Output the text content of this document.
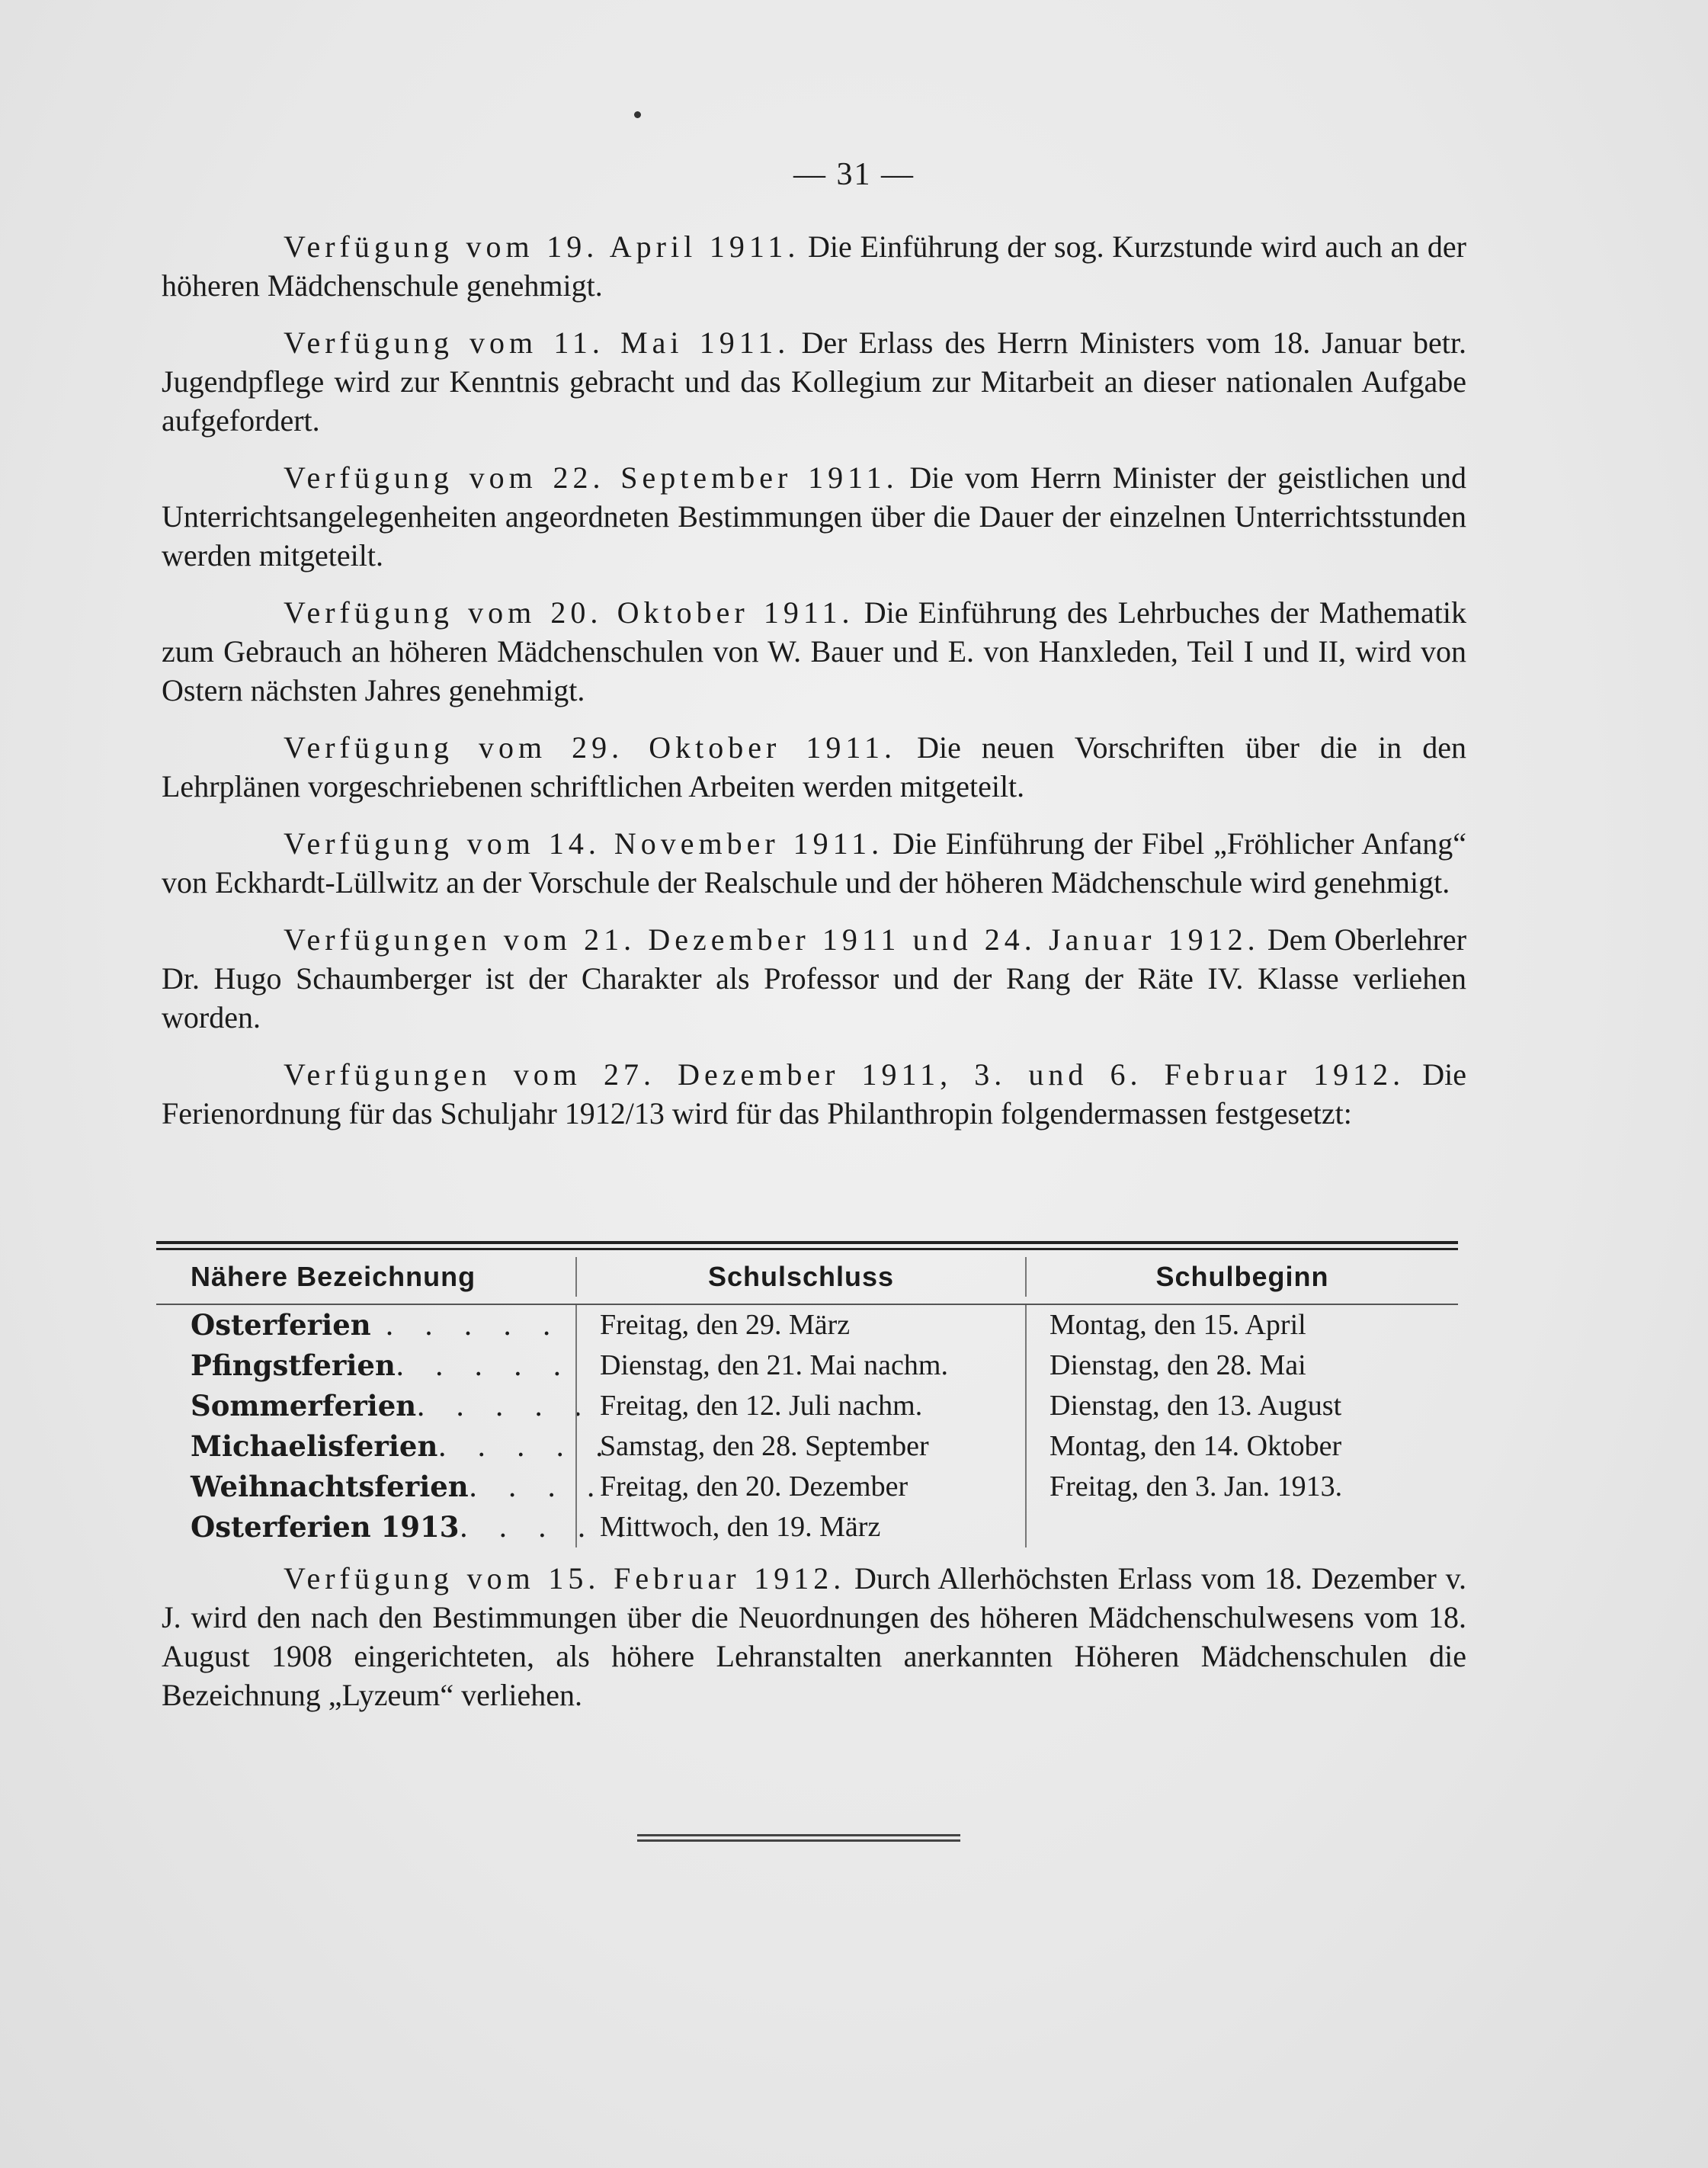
— 31 —

Verfügung vom 19. April 1911. Die Einführung der sog. Kurzstunde wird auch an der höheren Mädchenschule genehmigt.

Verfügung vom 11. Mai 1911. Der Erlass des Herrn Ministers vom 18. Januar betr. Jugendpflege wird zur Kenntnis gebracht und das Kollegium zur Mitarbeit an dieser nationalen Aufgabe aufgefordert.

Verfügung vom 22. September 1911. Die vom Herrn Minister der geistlichen und Unterrichtsangelegenheiten angeordneten Bestimmungen über die Dauer der einzelnen Unterrichtsstunden werden mitgeteilt.

Verfügung vom 20. Oktober 1911. Die Einführung des Lehrbuches der Mathematik zum Gebrauch an höheren Mädchenschulen von W. Bauer und E. von Hanxleden, Teil I und II, wird von Ostern nächsten Jahres genehmigt.

Verfügung vom 29. Oktober 1911. Die neuen Vorschriften über die in den Lehrplänen vorgeschriebenen schriftlichen Arbeiten werden mitgeteilt.

Verfügung vom 14. November 1911. Die Einführung der Fibel „Fröhlicher Anfang“ von Eckhardt-Lüllwitz an der Vorschule der Realschule und der höheren Mädchenschule wird genehmigt.

Verfügungen vom 21. Dezember 1911 und 24. Januar 1912. Dem Oberlehrer Dr. Hugo Schaumberger ist der Charakter als Professor und der Rang der Räte IV. Klasse verliehen worden.

Verfügungen vom 27. Dezember 1911, 3. und 6. Februar 1912. Die Ferienordnung für das Schuljahr 1912/13 wird für das Philanthropin folgendermassen festgesetzt:

Nähere Bezeichnung	Schulschluss	Schulbeginn
Osterferien . . . . .
Pfingstferien . . . . .
Sommerferien . . . . .
Michaelisferien . . . . .
Weihnachtsferien . . . . .
Osterferien 1913 . . . . .
Freitag, den 29. März
Dienstag, den 21. Mai nachm.
Freitag, den 12. Juli nachm.
Samstag, den 28. September
Freitag, den 20. Dezember
Mittwoch, den 19. März
Montag, den 15. April
Dienstag, den 28. Mai
Dienstag, den 13. August
Montag, den 14. Oktober
Freitag, den 3. Jan. 1913.

Verfügung vom 15. Februar 1912. Durch Allerhöchsten Erlass vom 18. Dezember v. J. wird den nach den Bestimmungen über die Neuordnungen des höheren Mädchenschulwesens vom 18. August 1908 eingerichteten, als höhere Lehranstalten anerkannten Höheren Mädchenschulen die Bezeichnung „Lyzeum“ verliehen.
